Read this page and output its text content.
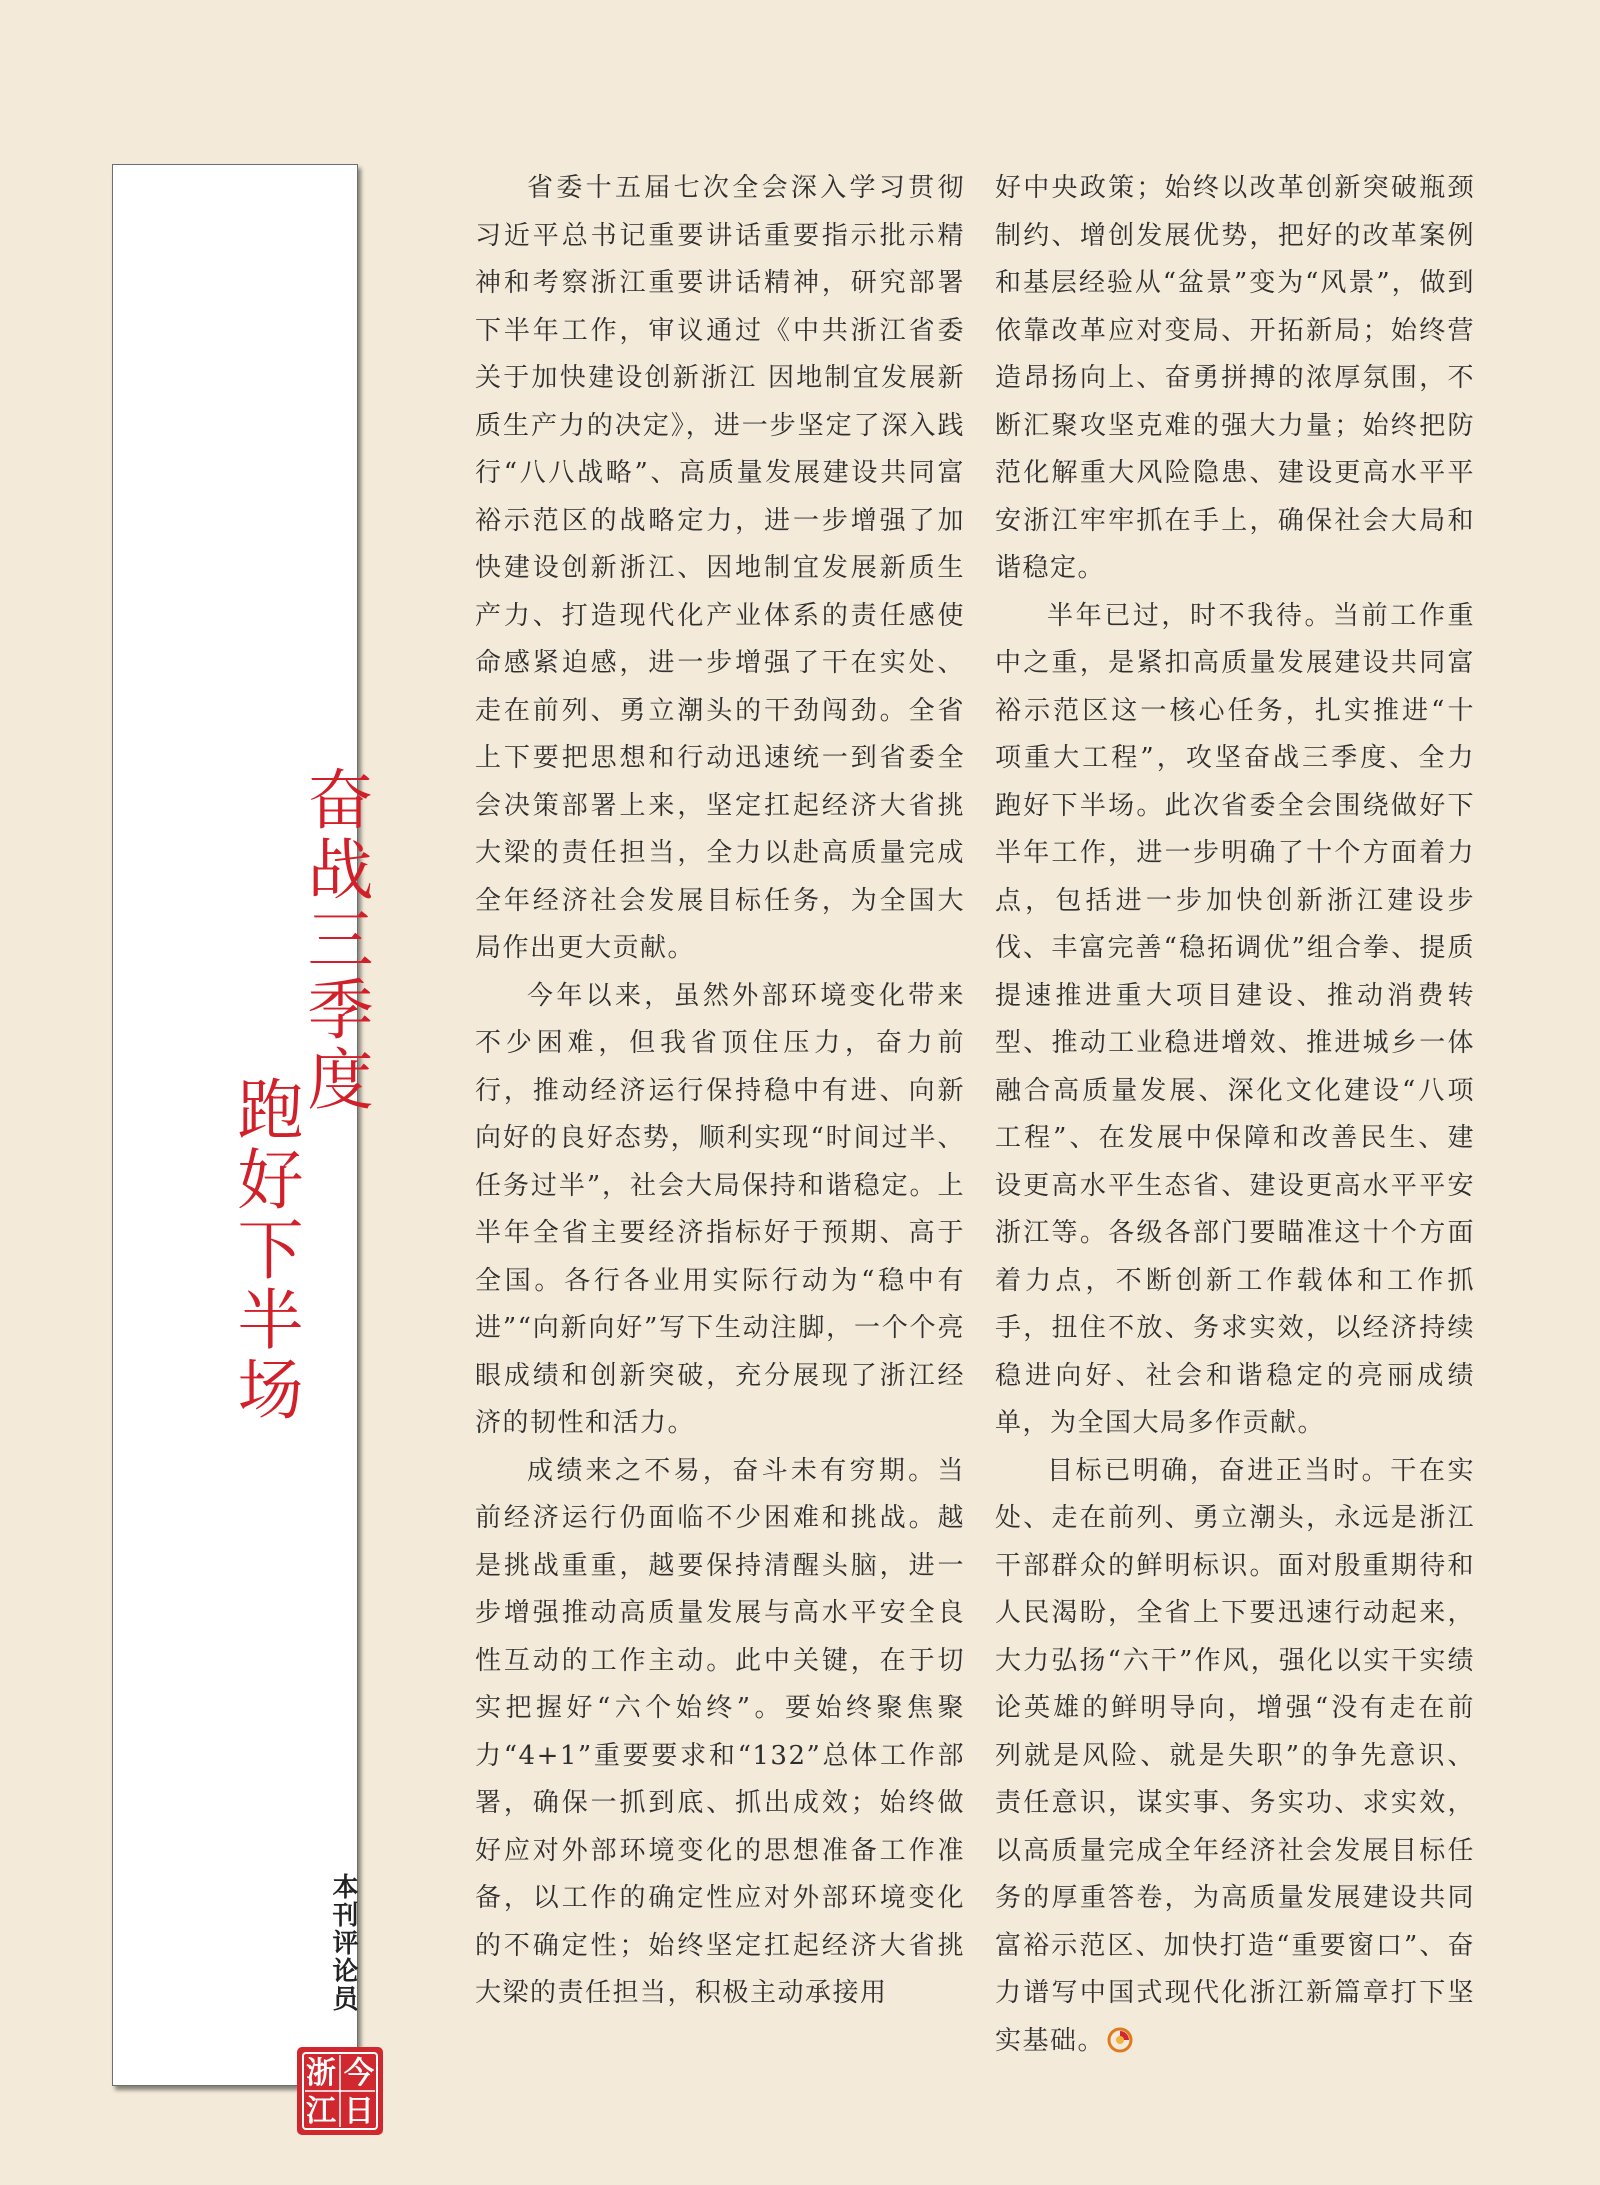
奋战三季度
跑好下半场
本刊评论员
今
日
浙
江

省委十五届七次全会深入学习贯彻习近平总书记重要讲话重要指示批示精神和考察浙江重要讲话精神，研究部署下半年工作，审议通过《中共浙江省委关于加快建设创新浙江 因地制宜发展新质生产力的决定》，进一步坚定了深入践行“八八战略”、高质量发展建设共同富裕示范区的战略定力，进一步增强了加快建设创新浙江、因地制宜发展新质生产力、打造现代化产业体系的责任感使命感紧迫感，进一步增强了干在实处、走在前列、勇立潮头的干劲闯劲。全省上下要把思想和行动迅速统一到省委全会决策部署上来，坚定扛起经济大省挑大梁的责任担当，全力以赴高质量完成全年经济社会发展目标任务，为全国大局作出更大贡献。

今年以来，虽然外部环境变化带来不少困难，但我省顶住压力，奋力前行，推动经济运行保持稳中有进、向新向好的良好态势，顺利实现“时间过半、任务过半”，社会大局保持和谐稳定。上半年全省主要经济指标好于预期、高于全国。各行各业用实际行动为“稳中有进”“向新向好”写下生动注脚，一个个亮眼成绩和创新突破，充分展现了浙江经济的韧性和活力。

成绩来之不易，奋斗未有穷期。当前经济运行仍面临不少困难和挑战。越是挑战重重，越要保持清醒头脑，进一步增强推动高质量发展与高水平安全良性互动的工作主动。此中关键，在于切实把握好“六个始终”。要始终聚焦聚力“4+1”重要要求和“132”总体工作部署，确保一抓到底、抓出成效；始终做好应对外部环境变化的思想准备工作准备，以工作的确定性应对外部环境变化的不确定性；始终坚定扛起经济大省挑大梁的责任担当，积极主动承接用

好中央政策；始终以改革创新突破瓶颈制约、增创发展优势，把好的改革案例和基层经验从“盆景”变为“风景”，做到依靠改革应对变局、开拓新局；始终营造昂扬向上、奋勇拼搏的浓厚氛围，不断汇聚攻坚克难的强大力量；始终把防范化解重大风险隐患、建设更高水平平安浙江牢牢抓在手上，确保社会大局和谐稳定。

半年已过，时不我待。当前工作重中之重，是紧扣高质量发展建设共同富裕示范区这一核心任务，扎实推进“十项重大工程”，攻坚奋战三季度、全力跑好下半场。此次省委全会围绕做好下半年工作，进一步明确了十个方面着力点，包括进一步加快创新浙江建设步伐、丰富完善“稳拓调优”组合拳、提质提速推进重大项目建设、推动消费转型、推动工业稳进增效、推进城乡一体融合高质量发展、深化文化建设“八项工程”、在发展中保障和改善民生、建设更高水平生态省、建设更高水平平安浙江等。各级各部门要瞄准这十个方面着力点，不断创新工作载体和工作抓手，扭住不放、务求实效，以经济持续稳进向好、社会和谐稳定的亮丽成绩单，为全国大局多作贡献。

目标已明确，奋进正当时。干在实处、走在前列、勇立潮头，永远是浙江干部群众的鲜明标识。面对殷重期待和人民渴盼，全省上下要迅速行动起来，大力弘扬“六干”作风，强化以实干实绩论英雄的鲜明导向，增强“没有走在前列就是风险、就是失职”的争先意识、责任意识，谋实事、务实功、求实效，以高质量完成全年经济社会发展目标任务的厚重答卷，为高质量发展建设共同富裕示范区、加快打造“重要窗口”、奋力谱写中国式现代化浙江新篇章打下坚实基础。
